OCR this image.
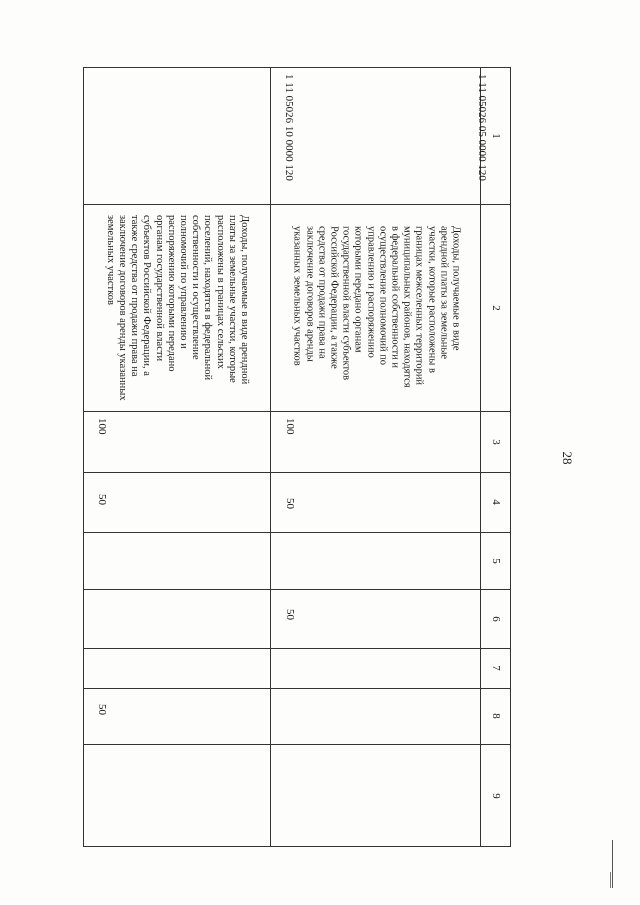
28
1
2
3
4
5
6
7
8
9
1 11 05026 05 0000 120
Доходы, получаемые в виде арендной платы за земельные участки, которые расположены в границах межселенных территорий муниципальных районов, находятся в федеральной собственности и осуществление полномочий по управлению и распоряжению которыми передано органам государственной власти субъектов Российской Федерации, а также средства от продажи права на заключение договоров аренды указанных земельных участков
100
50
50
1 11 05026 10 0000 120
Доходы, получаемые в виде арендной платы за земельные участки, которые расположены в границах сельских поселений, находятся в федеральной собственности и осуществление полномочий по управлению и распоряжению которыми передано органам государственной власти субъектов Российской Федерации, а также средства от продажи права на заключение договоров аренды указанных земельных участков
100
50
50
